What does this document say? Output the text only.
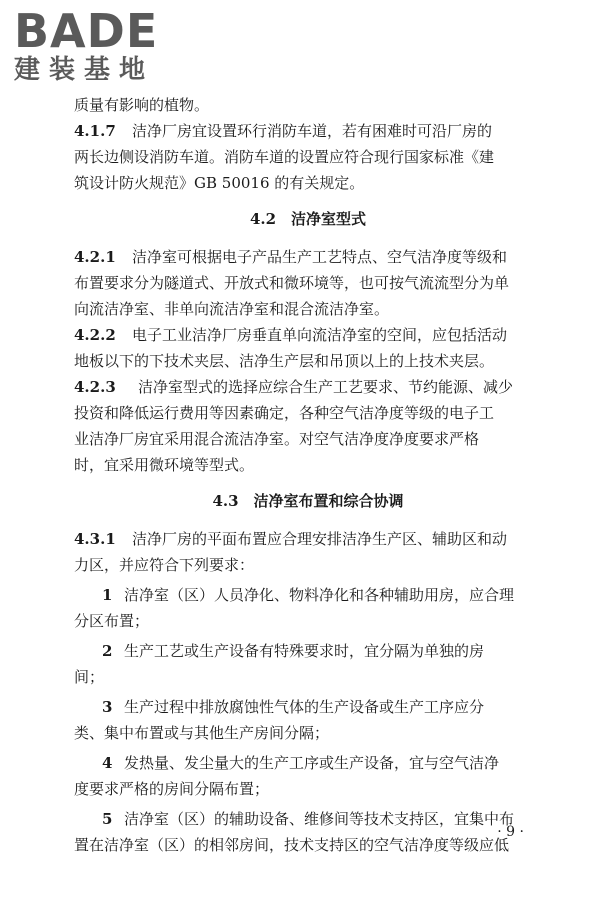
BADE
建装基地
质量有影响的植物。
4.1.7 洁净厂房宜设置环行消防车道，若有困难时可沿厂房的
两长边侧设消防车道。消防车道的设置应符合现行国家标准《建
筑设计防火规范》GB 50016 的有关规定。
4.2　洁净室型式
4.2.1 洁净室可根据电子产品生产工艺特点、空气洁净度等级和
布置要求分为隧道式、开放式和微环境等，也可按气流流型分为单
向流洁净室、非单向流洁净室和混合流洁净室。
4.2.2 电子工业洁净厂房垂直单向流洁净室的空间，应包括活动
地板以下的下技术夹层、洁净生产层和吊顶以上的上技术夹层。
4.2.3 洁净室型式的选择应综合生产工艺要求、节约能源、减少
投资和降低运行费用等因素确定，各种空气洁净度等级的电子工
业洁净厂房宜采用混合流洁净室。对空气洁净度净度要求严格
时，宜采用微环境等型式。
4.3　洁净室布置和综合协调
4.3.1 洁净厂房的平面布置应合理安排洁净生产区、辅助区和动
力区，并应符合下列要求：
1 洁净室（区）人员净化、物料净化和各种辅助用房，应合理
分区布置；
2 生产工艺或生产设备有特殊要求时，宜分隔为单独的房
间；
3 生产过程中排放腐蚀性气体的生产设备或生产工序应分
类、集中布置或与其他生产房间分隔；
4 发热量、发尘量大的生产工序或生产设备，宜与空气洁净
度要求严格的房间分隔布置；
5 洁净室（区）的辅助设备、维修间等技术支持区，宜集中布
置在洁净室（区）的相邻房间，技术支持区的空气洁净度等级应低
· 9 ·
